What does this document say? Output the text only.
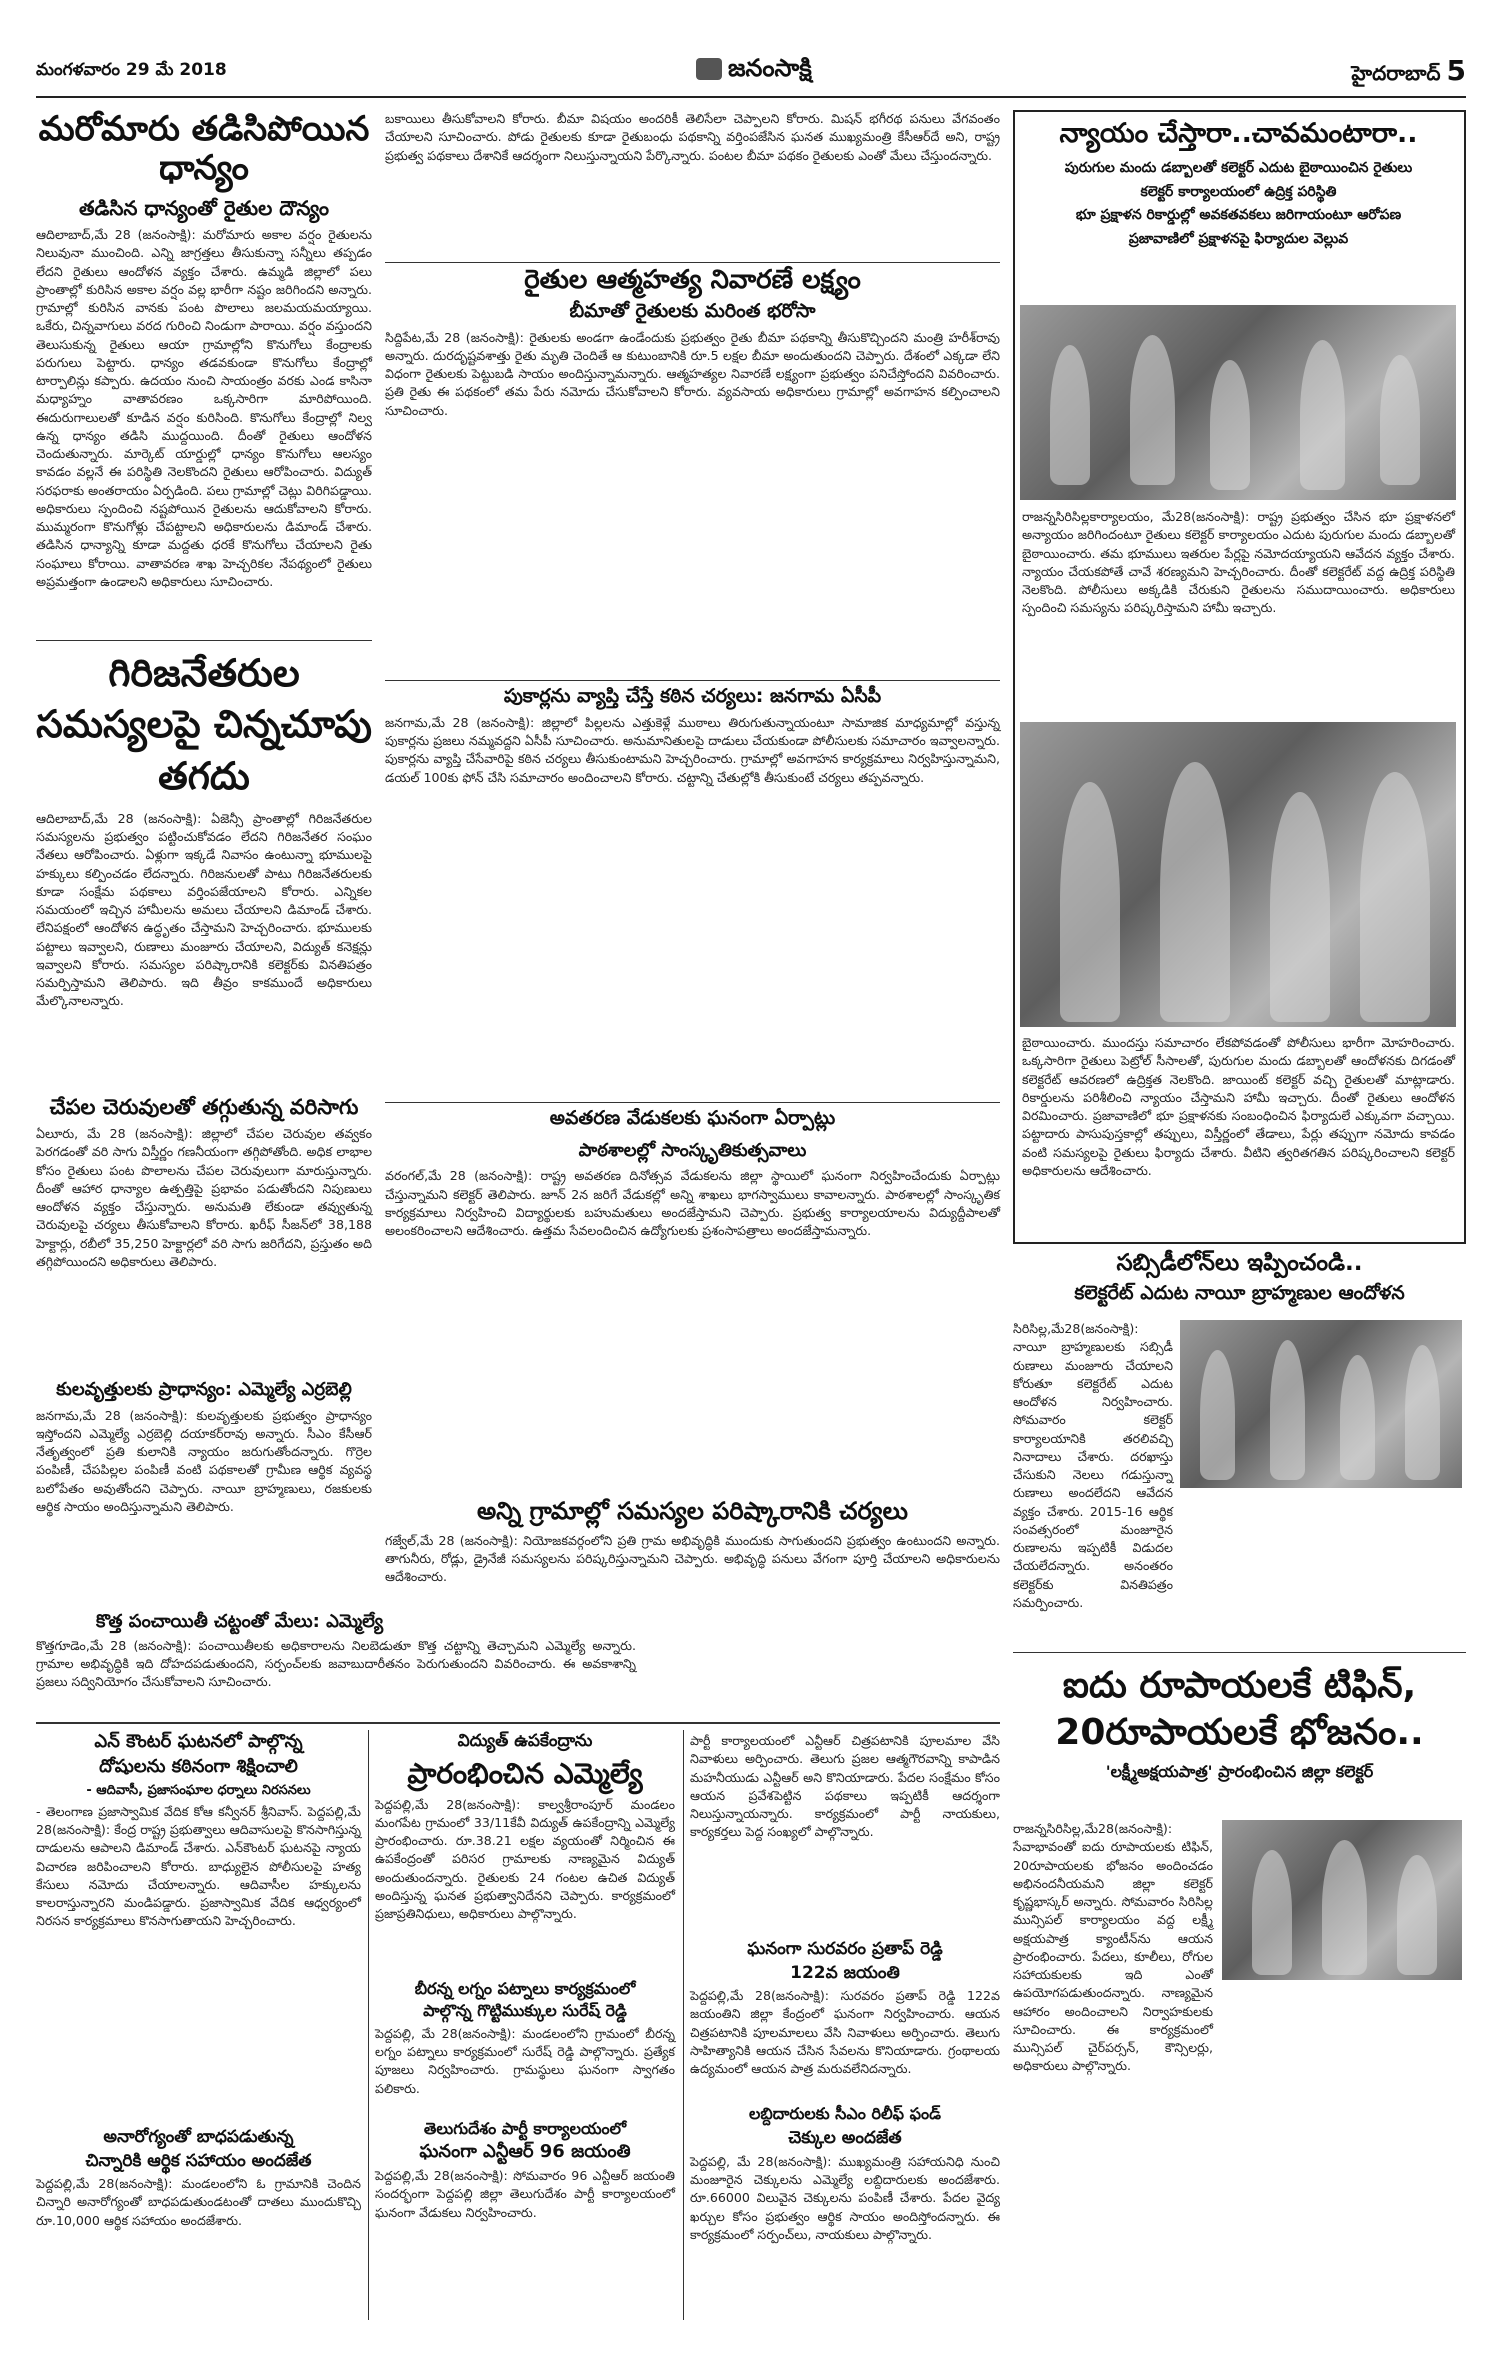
మంగళవారం 29 మే 2018	జనంసాక్షి	హైదరాబాద్ 5
మరోమారు తడిసిపోయిన ధాన్యం
తడిసిన ధాన్యంతో రైతుల దౌన్యం
ఆదిలాబాద్,మే 28 (జనంసాక్షి): మరోమారు అకాల వర్షం రైతులను నిలువునా ముంచింది. ఎన్ని జాగ్రత్తలు తీసుకున్నా సన్నీలు తప్పడం లేదని రైతులు ఆందోళన వ్యక్తం చేశారు. ఉమ్మడి జిల్లాలో పలు ప్రాంతాల్లో కురిసిన అకాల వర్షం వల్ల భారీగా నష్టం జరిగిందని అన్నారు. గ్రామాల్లో కురిసిన వానకు పంట పొలాలు జలమయమయ్యాయి. ఒకేరు, చిన్నవాగులు వరద గురించి నిండుగా పారాయి. వర్షం వస్తుందని తెలుసుకున్న రైతులు ఆయా గ్రామాల్లోని కొనుగోలు కేంద్రాలకు పరుగులు పెట్టారు. ధాన్యం తడవకుండా కొనుగోలు కేంద్రాల్లో టార్పాలిన్లు కప్పారు. ఉదయం నుంచి సాయంత్రం వరకు ఎండ కాసినా మధ్యాహ్నం వాతావరణం ఒక్కసారిగా మారిపోయింది. ఈదురుగాలులతో కూడిన వర్షం కురిసింది. కొనుగోలు కేంద్రాల్లో నిల్వ ఉన్న ధాన్యం తడిసి ముద్దయింది. దీంతో రైతులు ఆందోళన చెందుతున్నారు. మార్కెట్ యార్డుల్లో ధాన్యం కొనుగోలు ఆలస్యం కావడం వల్లనే ఈ పరిస్థితి నెలకొందని రైతులు ఆరోపించారు. విద్యుత్ సరఫరాకు అంతరాయం ఏర్పడింది. పలు గ్రామాల్లో చెట్లు విరిగిపడ్డాయి. అధికారులు స్పందించి నష్టపోయిన రైతులను ఆదుకోవాలని కోరారు. ముమ్మరంగా కొనుగోళ్లు చేపట్టాలని అధికారులను డిమాండ్ చేశారు. తడిసిన ధాన్యాన్ని కూడా మద్దతు ధరకే కొనుగోలు చేయాలని రైతు సంఘాలు కోరాయి. వాతావరణ శాఖ హెచ్చరికల నేపథ్యంలో రైతులు అప్రమత్తంగా ఉండాలని అధికారులు సూచించారు.
గిరిజనేతరుల సమస్యలపై చిన్నచూపు తగదు
ఆదిలాబాద్,మే 28 (జనంసాక్షి): ఏజెన్సీ ప్రాంతాల్లో గిరిజనేతరుల సమస్యలను ప్రభుత్వం పట్టించుకోవడం లేదని గిరిజనేతర సంఘం నేతలు ఆరోపించారు. ఏళ్లుగా ఇక్కడే నివాసం ఉంటున్నా భూములపై హక్కులు కల్పించడం లేదన్నారు. గిరిజనులతో పాటు గిరిజనేతరులకు కూడా సంక్షేమ పథకాలు వర్తింపజేయాలని కోరారు. ఎన్నికల సమయంలో ఇచ్చిన హామీలను అమలు చేయాలని డిమాండ్ చేశారు. లేనిపక్షంలో ఆందోళన ఉద్ధృతం చేస్తామని హెచ్చరించారు. భూములకు పట్టాలు ఇవ్వాలని, రుణాలు మంజూరు చేయాలని, విద్యుత్ కనెక్షన్లు ఇవ్వాలని కోరారు. సమస్యల పరిష్కారానికి కలెక్టర్‌కు వినతిపత్రం సమర్పిస్తామని తెలిపారు. ఇది తీవ్రం కాకముందే అధికారులు మేల్కొనాలన్నారు.
చేపల చెరువులతో తగ్గుతున్న వరిసాగు
ఏలూరు, మే 28 (జనంసాక్షి): జిల్లాలో చేపల చెరువుల తవ్వకం పెరగడంతో వరి సాగు విస్తీర్ణం గణనీయంగా తగ్గిపోతోంది. అధిక లాభాల కోసం రైతులు పంట పొలాలను చేపల చెరువులుగా మారుస్తున్నారు. దీంతో ఆహార ధాన్యాల ఉత్పత్తిపై ప్రభావం పడుతోందని నిపుణులు ఆందోళన వ్యక్తం చేస్తున్నారు. అనుమతి లేకుండా తవ్వుతున్న చెరువులపై చర్యలు తీసుకోవాలని కోరారు. ఖరీఫ్ సీజన్‌లో 38,188 హెక్టార్లు, రబీలో 35,250 హెక్టార్లలో వరి సాగు జరిగేదని, ప్రస్తుతం అది తగ్గిపోయిందని అధికారులు తెలిపారు.
కులవృత్తులకు ప్రాధాన్యం: ఎమ్మెల్యే ఎర్రబెల్లి
జనగామ,మే 28 (జనంసాక్షి): కులవృత్తులకు ప్రభుత్వం ప్రాధాన్యం ఇస్తోందని ఎమ్మెల్యే ఎర్రబెల్లి దయాకర్‌రావు అన్నారు. సీఎం కేసీఆర్ నేతృత్వంలో ప్రతి కులానికి న్యాయం జరుగుతోందన్నారు. గొర్రెల పంపిణీ, చేపపిల్లల పంపిణీ వంటి పథకాలతో గ్రామీణ ఆర్థిక వ్యవస్థ బలోపేతం అవుతోందని చెప్పారు. నాయీ బ్రాహ్మణులు, రజకులకు ఆర్థిక సాయం అందిస్తున్నామని తెలిపారు.
కొత్త పంచాయితీ చట్టంతో మేలు: ఎమ్మెల్యే
కొత్తగూడెం,మే 28 (జనంసాక్షి): పంచాయితీలకు అధికారాలను నిలబెడుతూ కొత్త చట్టాన్ని తెచ్చామని ఎమ్మెల్యే అన్నారు. గ్రామాల అభివృద్ధికి ఇది దోహదపడుతుందని, సర్పంచ్‌లకు జవాబుదారీతనం పెరుగుతుందని వివరించారు. ఈ అవకాశాన్ని ప్రజలు సద్వినియోగం చేసుకోవాలని సూచించారు.
బకాయిలు తీసుకోవాలని కోరారు. బీమా విషయం అందరికీ తెలిసేలా చెప్పాలని కోరారు. మిషన్ భగీరథ పనులు వేగవంతం చేయాలని సూచించారు. పోడు రైతులకు కూడా రైతుబంధు పథకాన్ని వర్తింపజేసిన ఘనత ముఖ్యమంత్రి కేసీఆర్‌దే అని, రాష్ట్ర ప్రభుత్వ పథకాలు దేశానికే ఆదర్శంగా నిలుస్తున్నాయని పేర్కొన్నారు. పంటల బీమా పథకం రైతులకు ఎంతో మేలు చేస్తుందన్నారు.
రైతుల ఆత్మహత్య నివారణే లక్ష్యం
బీమాతో రైతులకు మరింత భరోసా
సిద్దిపేట,మే 28 (జనంసాక్షి): రైతులకు అండగా ఉండేందుకు ప్రభుత్వం రైతు బీమా పథకాన్ని తీసుకొచ్చిందని మంత్రి హరీశ్‌రావు అన్నారు. దురదృష్టవశాత్తు రైతు మృతి చెందితే ఆ కుటుంబానికి రూ.5 లక్షల బీమా అందుతుందని చెప్పారు. దేశంలో ఎక్కడా లేని విధంగా రైతులకు పెట్టుబడి సాయం అందిస్తున్నామన్నారు. ఆత్మహత్యల నివారణే లక్ష్యంగా ప్రభుత్వం పనిచేస్తోందని వివరించారు. ప్రతి రైతు ఈ పథకంలో తమ పేరు నమోదు చేసుకోవాలని కోరారు. వ్యవసాయ అధికారులు గ్రామాల్లో అవగాహన కల్పించాలని సూచించారు.
పుకార్లను వ్యాప్తి చేస్తే కఠిన చర్యలు: జనగామ ఏసీపీ
జనగామ,మే 28 (జనంసాక్షి): జిల్లాలో పిల్లలను ఎత్తుకెళ్లే ముఠాలు తిరుగుతున్నాయంటూ సామాజిక మాధ్యమాల్లో వస్తున్న పుకార్లను ప్రజలు నమ్మవద్దని ఏసీపీ సూచించారు. అనుమానితులపై దాడులు చేయకుండా పోలీసులకు సమాచారం ఇవ్వాలన్నారు. పుకార్లను వ్యాప్తి చేసేవారిపై కఠిన చర్యలు తీసుకుంటామని హెచ్చరించారు. గ్రామాల్లో అవగాహన కార్యక్రమాలు నిర్వహిస్తున్నామని, డయల్ 100కు ఫోన్ చేసి సమాచారం అందించాలని కోరారు. చట్టాన్ని చేతుల్లోకి తీసుకుంటే చర్యలు తప్పవన్నారు.
అవతరణ వేడుకలకు ఘనంగా ఏర్పాట్లు
పాఠశాలల్లో సాంస్కృతికుత్సవాలు
వరంగల్,మే 28 (జనంసాక్షి): రాష్ట్ర అవతరణ దినోత్సవ వేడుకలను జిల్లా స్థాయిలో ఘనంగా నిర్వహించేందుకు ఏర్పాట్లు చేస్తున్నామని కలెక్టర్ తెలిపారు. జూన్ 2న జరిగే వేడుకల్లో అన్ని శాఖలు భాగస్వాములు కావాలన్నారు. పాఠశాలల్లో సాంస్కృతిక కార్యక్రమాలు నిర్వహించి విద్యార్థులకు బహుమతులు అందజేస్తామని చెప్పారు. ప్రభుత్వ కార్యాలయాలను విద్యుద్దీపాలతో అలంకరించాలని ఆదేశించారు. ఉత్తమ సేవలందించిన ఉద్యోగులకు ప్రశంసాపత్రాలు అందజేస్తామన్నారు.
అన్ని గ్రామాల్లో సమస్యల పరిష్కారానికి చర్యలు
గజ్వేల్,మే 28 (జనంసాక్షి): నియోజకవర్గంలోని ప్రతి గ్రామ అభివృద్ధికి ముందుకు సాగుతుందని ప్రభుత్వం ఉంటుందని అన్నారు. తాగునీరు, రోడ్లు, డ్రైనేజీ సమస్యలను పరిష్కరిస్తున్నామని చెప్పారు. అభివృద్ధి పనులు వేగంగా పూర్తి చేయాలని అధికారులను ఆదేశించారు.
న్యాయం చేస్తారా..చావమంటారా..
పురుగుల మందు డబ్బాలతో కలెక్టర్ ఎదుట బైఠాయించిన రైతులు
కలెక్టర్ కార్యాలయంలో ఉద్రిక్త పరిస్థితి
భూ ప్రక్షాళన రికార్డుల్లో అవకతవకలు జరిగాయంటూ ఆరోపణ
ప్రజావాణిలో ప్రక్షాళనపై ఫిర్యాదుల వెల్లువ
రాజన్నసిరిసిల్లకార్యాలయం, మే28(జనంసాక్షి): రాష్ట్ర ప్రభుత్వం చేసిన భూ ప్రక్షాళనలో అన్యాయం జరిగిందంటూ రైతులు కలెక్టర్ కార్యాలయం ఎదుట పురుగుల మందు డబ్బాలతో బైఠాయించారు. తమ భూములు ఇతరుల పేర్లపై నమోదయ్యాయని ఆవేదన వ్యక్తం చేశారు. న్యాయం చేయకపోతే చావే శరణ్యమని హెచ్చరించారు. దీంతో కలెక్టరేట్ వద్ద ఉద్రిక్త పరిస్థితి నెలకొంది. పోలీసులు అక్కడికి చేరుకుని రైతులను సముదాయించారు. అధికారులు స్పందించి సమస్యను పరిష్కరిస్తామని హామీ ఇచ్చారు.
బైఠాయించారు. ముందస్తు సమాచారం లేకపోవడంతో పోలీసులు భారీగా మోహరించారు. ఒక్కసారిగా రైతులు పెట్రోల్ సీసాలతో, పురుగుల మందు డబ్బాలతో ఆందోళనకు దిగడంతో కలెక్టరేట్ ఆవరణలో ఉద్రిక్తత నెలకొంది. జాయింట్ కలెక్టర్ వచ్చి రైతులతో మాట్లాడారు. రికార్డులను పరిశీలించి న్యాయం చేస్తామని హామీ ఇచ్చారు. దీంతో రైతులు ఆందోళన విరమించారు. ప్రజావాణిలో భూ ప్రక్షాళనకు సంబంధించిన ఫిర్యాదులే ఎక్కువగా వచ్చాయి. పట్టాదారు పాసుపుస్తకాల్లో తప్పులు, విస్తీర్ణంలో తేడాలు, పేర్లు తప్పుగా నమోదు కావడం వంటి సమస్యలపై రైతులు ఫిర్యాదు చేశారు. వీటిని త్వరితగతిన పరిష్కరించాలని కలెక్టర్ అధికారులను ఆదేశించారు.
సబ్సిడీలోన్‌లు ఇప్పించండి..
కలెక్టరేట్ ఎదుట నాయీ బ్రాహ్మణుల ఆందోళన
సిరిసిల్ల,మే28(జనంసాక్షి): నాయీ బ్రాహ్మణులకు సబ్సిడీ రుణాలు మంజూరు చేయాలని కోరుతూ కలెక్టరేట్ ఎదుట ఆందోళన నిర్వహించారు. సోమవారం కలెక్టర్ కార్యాలయానికి తరలివచ్చి నినాదాలు చేశారు. దరఖాస్తు చేసుకుని నెలలు గడుస్తున్నా రుణాలు అందలేదని ఆవేదన వ్యక్తం చేశారు. 2015-16 ఆర్థిక సంవత్సరంలో మంజూరైన రుణాలను ఇప్పటికీ విడుదల చేయలేదన్నారు. అనంతరం కలెక్టర్‌కు వినతిపత్రం సమర్పించారు.
ఐదు రూపాయలకే టిఫిన్,
20రూపాయలకే భోజనం..
'లక్ష్మీఅక్షయపాత్ర' ప్రారంభించిన జిల్లా కలెక్టర్
రాజన్నసిరిసిల్ల,మే28(జనంసాక్షి): సేవాభావంతో ఐదు రూపాయలకు టిఫిన్, 20రూపాయలకు భోజనం అందించడం అభినందనీయమని జిల్లా కలెక్టర్ కృష్ణభాస్కర్ అన్నారు. సోమవారం సిరిసిల్ల మున్సిపల్ కార్యాలయం వద్ద లక్ష్మీ అక్షయపాత్ర క్యాంటీన్‌ను ఆయన ప్రారంభించారు. పేదలు, కూలీలు, రోగుల సహాయకులకు ఇది ఎంతో ఉపయోగపడుతుందన్నారు. నాణ్యమైన ఆహారం అందించాలని నిర్వాహకులకు సూచించారు. ఈ కార్యక్రమంలో మున్సిపల్ చైర్‌పర్సన్, కౌన్సిలర్లు, అధికారులు పాల్గొన్నారు.
ఎన్ కౌంటర్ ఘటనలో పాల్గొన్న
దోషులను కఠినంగా శిక్షించాలి
- ఆదివాసీ, ప్రజాసంఘాల ధర్నాలు నిరసనలు
- తెలంగాణ ప్రజాస్వామిక వేదిక కోఆ కన్వీనర్ శ్రీనివాస్. పెద్దపల్లి,మే 28(జనంసాక్షి): కేంద్ర రాష్ట్ర ప్రభుత్వాలు ఆదివాసులపై కొనసాగిస్తున్న దాడులను ఆపాలని డిమాండ్ చేశారు. ఎన్‌కౌంటర్ ఘటనపై న్యాయ విచారణ జరిపించాలని కోరారు. బాధ్యులైన పోలీసులపై హత్య కేసులు నమోదు చేయాలన్నారు. ఆదివాసీల హక్కులను కాలరాస్తున్నారని మండిపడ్డారు. ప్రజాస్వామిక వేదిక ఆధ్వర్యంలో నిరసన కార్యక్రమాలు కొనసాగుతాయని హెచ్చరించారు.
అనారోగ్యంతో బాధపడుతున్న
చిన్నారికి ఆర్థిక సహాయం అందజేత
పెద్దపల్లి,మే 28(జనంసాక్షి): మండలంలోని ఓ గ్రామానికి చెందిన చిన్నారి అనారోగ్యంతో బాధపడుతుండటంతో దాతలు ముందుకొచ్చి రూ.10,000 ఆర్థిక సహాయం అందజేశారు.
విద్యుత్ ఉపకేంద్రాను
ప్రారంభించిన ఎమ్మెల్యే
పెద్దపల్లి,మే 28(జనంసాక్షి): కాల్వశ్రీరాంపూర్ మండలం మంగపేట గ్రామంలో 33/11కేవీ విద్యుత్ ఉపకేంద్రాన్ని ఎమ్మెల్యే ప్రారంభించారు. రూ.38.21 లక్షల వ్యయంతో నిర్మించిన ఈ ఉపకేంద్రంతో పరిసర గ్రామాలకు నాణ్యమైన విద్యుత్ అందుతుందన్నారు. రైతులకు 24 గంటల ఉచిత విద్యుత్ అందిస్తున్న ఘనత ప్రభుత్వానిదేనని చెప్పారు. కార్యక్రమంలో ప్రజాప్రతినిధులు, అధికారులు పాల్గొన్నారు.
బీరన్న లగ్నం పట్నాలు కార్యక్రమంలో
పాల్గొన్న గొట్టిముక్కుల సురేష్ రెడ్డి
పెద్దపల్లి, మే 28(జనంసాక్షి): మండలంలోని గ్రామంలో బీరన్న లగ్నం పట్నాలు కార్యక్రమంలో సురేష్ రెడ్డి పాల్గొన్నారు. ప్రత్యేక పూజలు నిర్వహించారు. గ్రామస్థులు ఘనంగా స్వాగతం పలికారు.
తెలుగుదేశం పార్టీ కార్యాలయంలో
ఘనంగా ఎన్టీఆర్ 96 జయంతి
పెద్దపల్లి,మే 28(జనంసాక్షి): సోమవారం 96 ఎన్టీఆర్ జయంతి సందర్భంగా పెద్దపల్లి జిల్లా తెలుగుదేశం పార్టీ కార్యాలయంలో ఘనంగా వేడుకలు నిర్వహించారు.
పార్టీ కార్యాలయంలో ఎన్టీఆర్ చిత్రపటానికి పూలమాల వేసి నివాళులు అర్పించారు. తెలుగు ప్రజల ఆత్మగౌరవాన్ని కాపాడిన మహనీయుడు ఎన్టీఆర్ అని కొనియాడారు. పేదల సంక్షేమం కోసం ఆయన ప్రవేశపెట్టిన పథకాలు ఇప్పటికీ ఆదర్శంగా నిలుస్తున్నాయన్నారు. కార్యక్రమంలో పార్టీ నాయకులు, కార్యకర్తలు పెద్ద సంఖ్యలో పాల్గొన్నారు.
ఘనంగా సురవరం ప్రతాప్ రెడ్డి
122వ జయంతి
పెద్దపల్లి,మే 28(జనంసాక్షి): సురవరం ప్రతాప్ రెడ్డి 122వ జయంతిని జిల్లా కేంద్రంలో ఘనంగా నిర్వహించారు. ఆయన చిత్రపటానికి పూలమాలలు వేసి నివాళులు అర్పించారు. తెలుగు సాహిత్యానికి ఆయన చేసిన సేవలను కొనియాడారు. గ్రంథాలయ ఉద్యమంలో ఆయన పాత్ర మరువలేనిదన్నారు.
లబ్దిదారులకు సీఎం రిలీఫ్ ఫండ్
చెక్కుల అందజేత
పెద్దపల్లి, మే 28(జనంసాక్షి): ముఖ్యమంత్రి సహాయనిధి నుంచి మంజూరైన చెక్కులను ఎమ్మెల్యే లబ్దిదారులకు అందజేశారు. రూ.66000 విలువైన చెక్కులను పంపిణీ చేశారు. పేదల వైద్య ఖర్చుల కోసం ప్రభుత్వం ఆర్థిక సాయం అందిస్తోందన్నారు. ఈ కార్యక్రమంలో సర్పంచ్‌లు, నాయకులు పాల్గొన్నారు.
